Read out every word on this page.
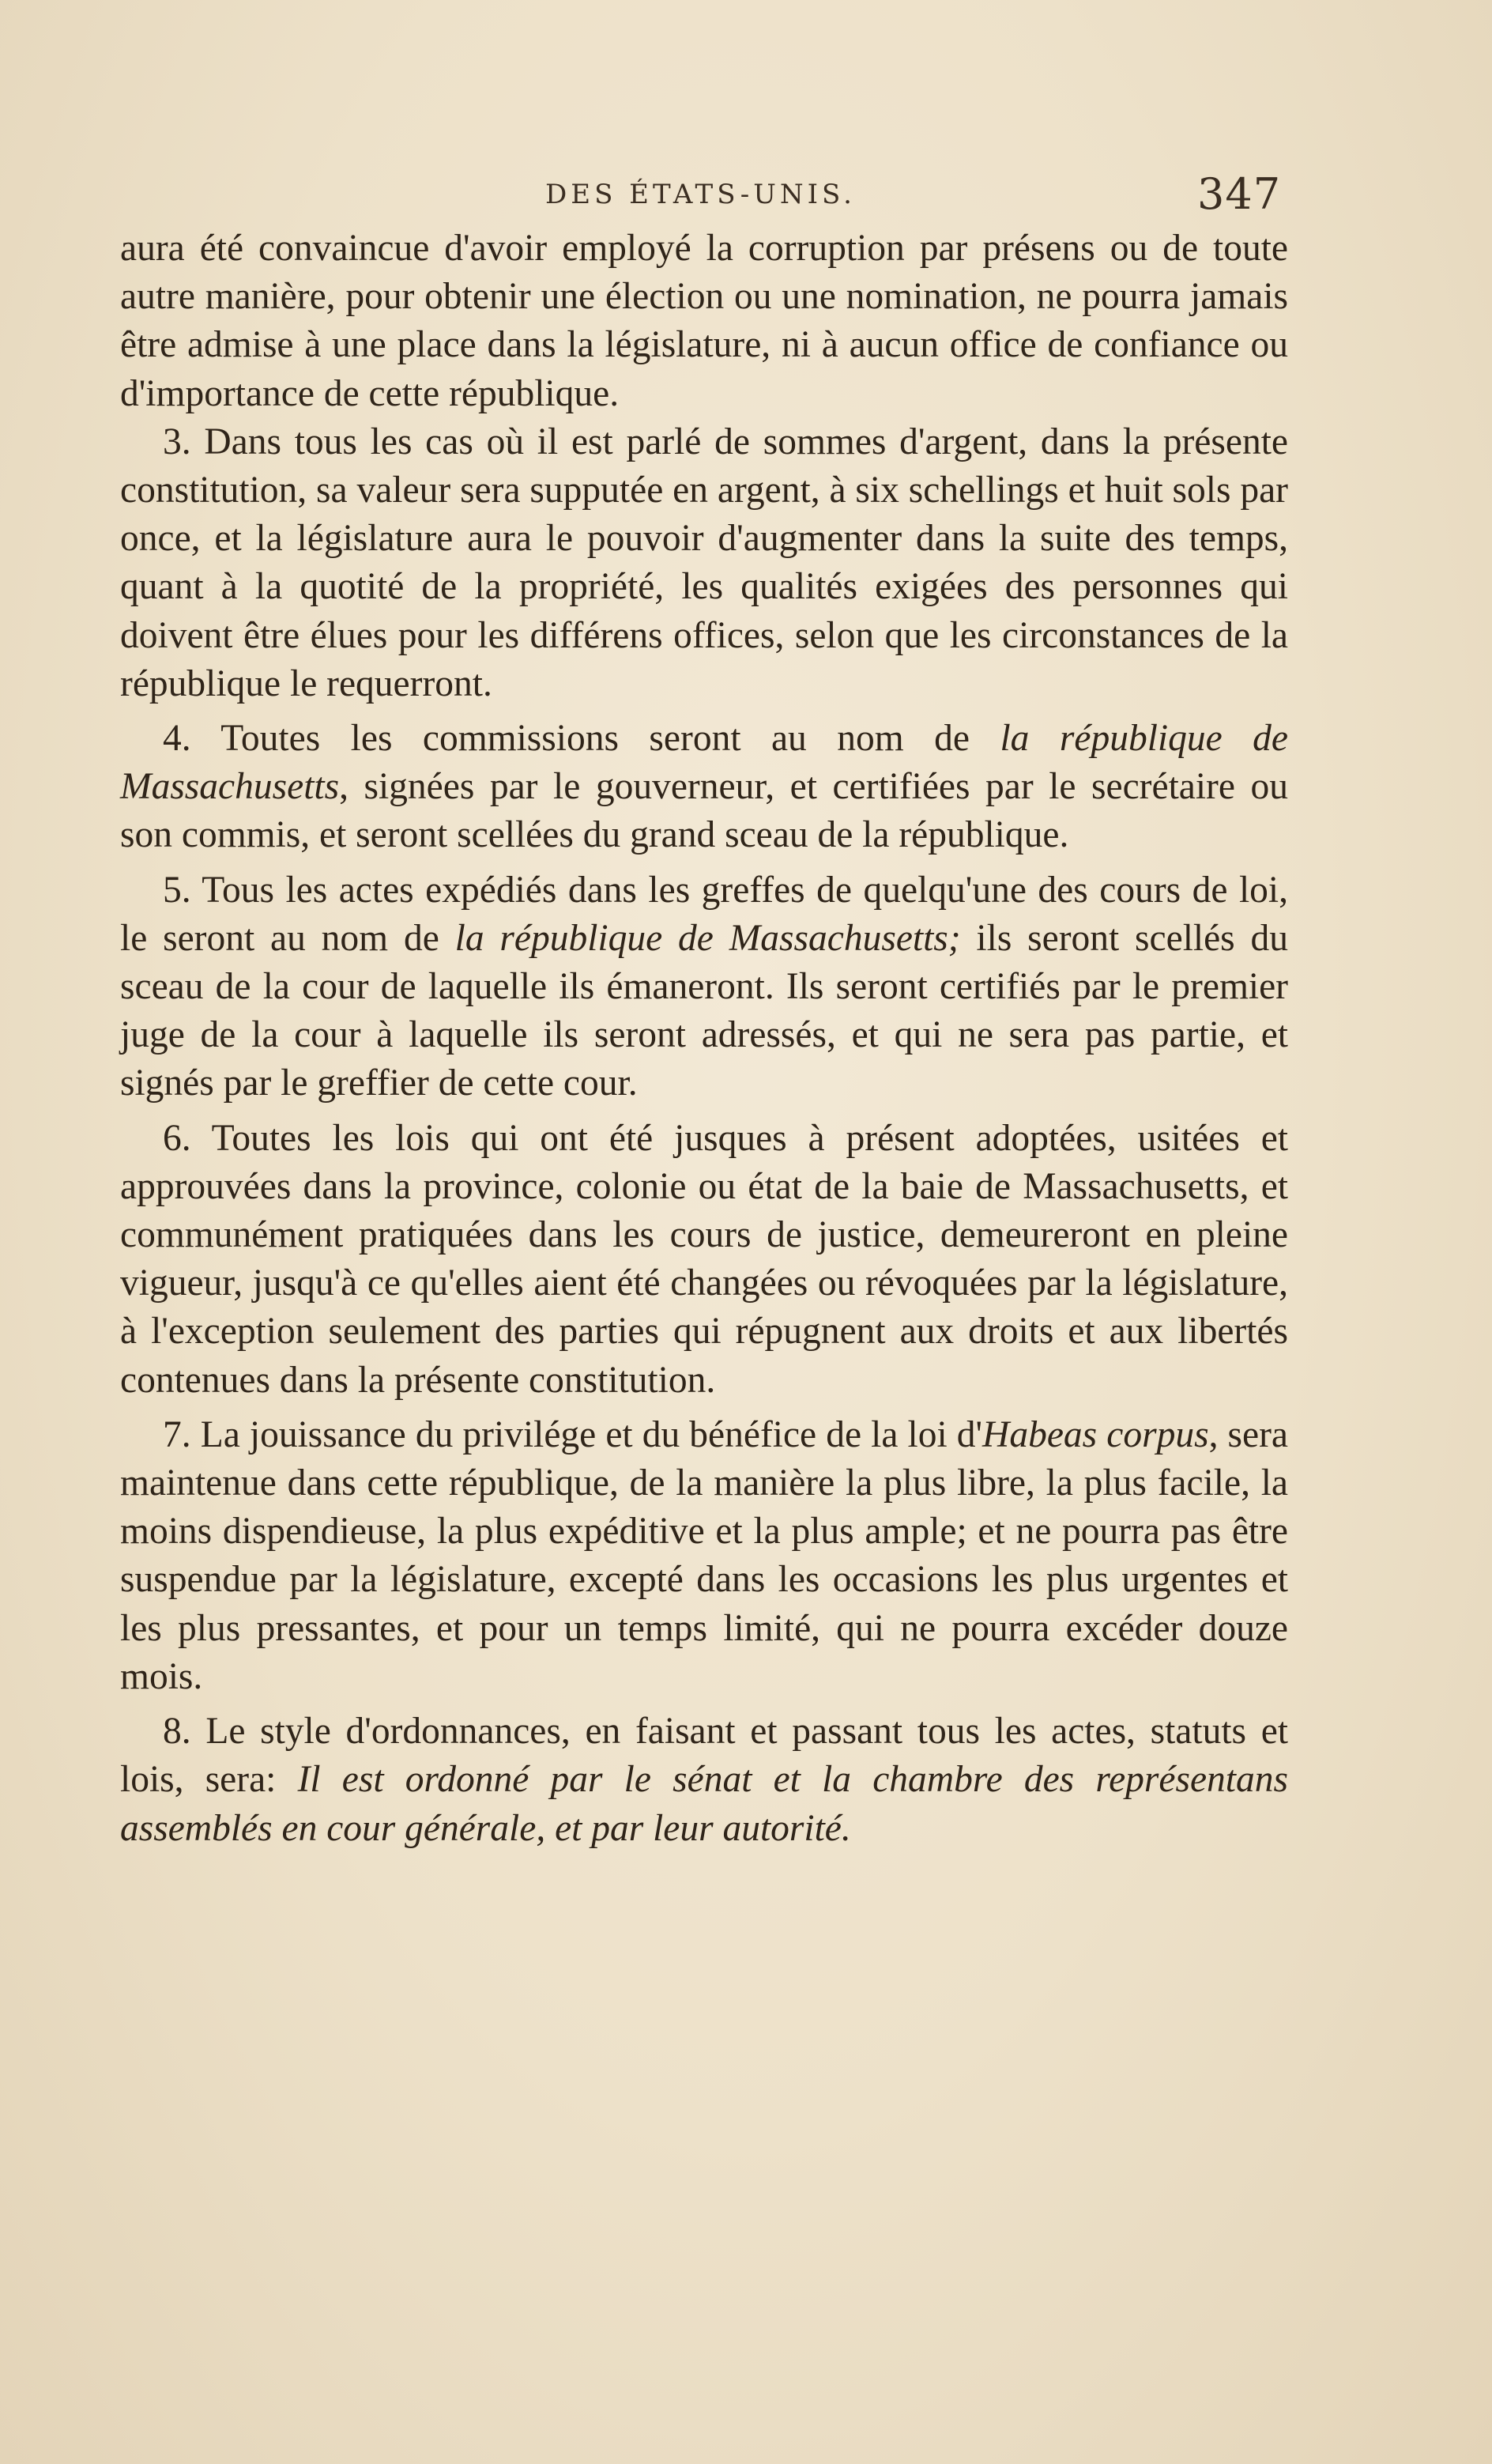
DES ÉTATS-UNIS.	347

aura été convaincue d'avoir employé la corruption par présens ou de toute autre manière, pour obtenir une élection ou une nomination, ne pourra jamais être admise à une place dans la législature, ni à aucun office de confiance ou d'importance de cette république.

3. Dans tous les cas où il est parlé de sommes d'argent, dans la présente constitution, sa valeur sera supputée en argent, à six schellings et huit sols par once, et la législature aura le pouvoir d'augmenter dans la suite des temps, quant à la quotité de la propriété, les qualités exigées des personnes qui doivent être élues pour les différens offices, selon que les circonstances de la république le requerront.

4. Toutes les commissions seront au nom de la république de Massachusetts, signées par le gouverneur, et certifiées par le secrétaire ou son commis, et seront scellées du grand sceau de la république.

5. Tous les actes expédiés dans les greffes de quelqu'une des cours de loi, le seront au nom de la république de Massachusetts; ils seront scellés du sceau de la cour de laquelle ils émaneront. Ils seront certifiés par le premier juge de la cour à laquelle ils seront adressés, et qui ne sera pas partie, et signés par le greffier de cette cour.

6. Toutes les lois qui ont été jusques à présent adoptées, usitées et approuvées dans la province, colonie ou état de la baie de Massachusetts, et communément pratiquées dans les cours de justice, demeureront en pleine vigueur, jusqu'à ce qu'elles aient été changées ou révoquées par la législature, à l'exception seulement des parties qui répugnent aux droits et aux libertés contenues dans la présente constitution.

7. La jouissance du privilége et du bénéfice de la loi d'Habeas corpus, sera maintenue dans cette république, de la manière la plus libre, la plus facile, la moins dispendieuse, la plus expéditive et la plus ample; et ne pourra pas être suspendue par la législature, excepté dans les occasions les plus urgentes et les plus pressantes, et pour un temps limité, qui ne pourra excéder douze mois.

8. Le style d'ordonnances, en faisant et passant tous les actes, statuts et lois, sera: Il est ordonné par le sénat et la chambre des représentans assemblés en cour générale, et par leur autorité.
